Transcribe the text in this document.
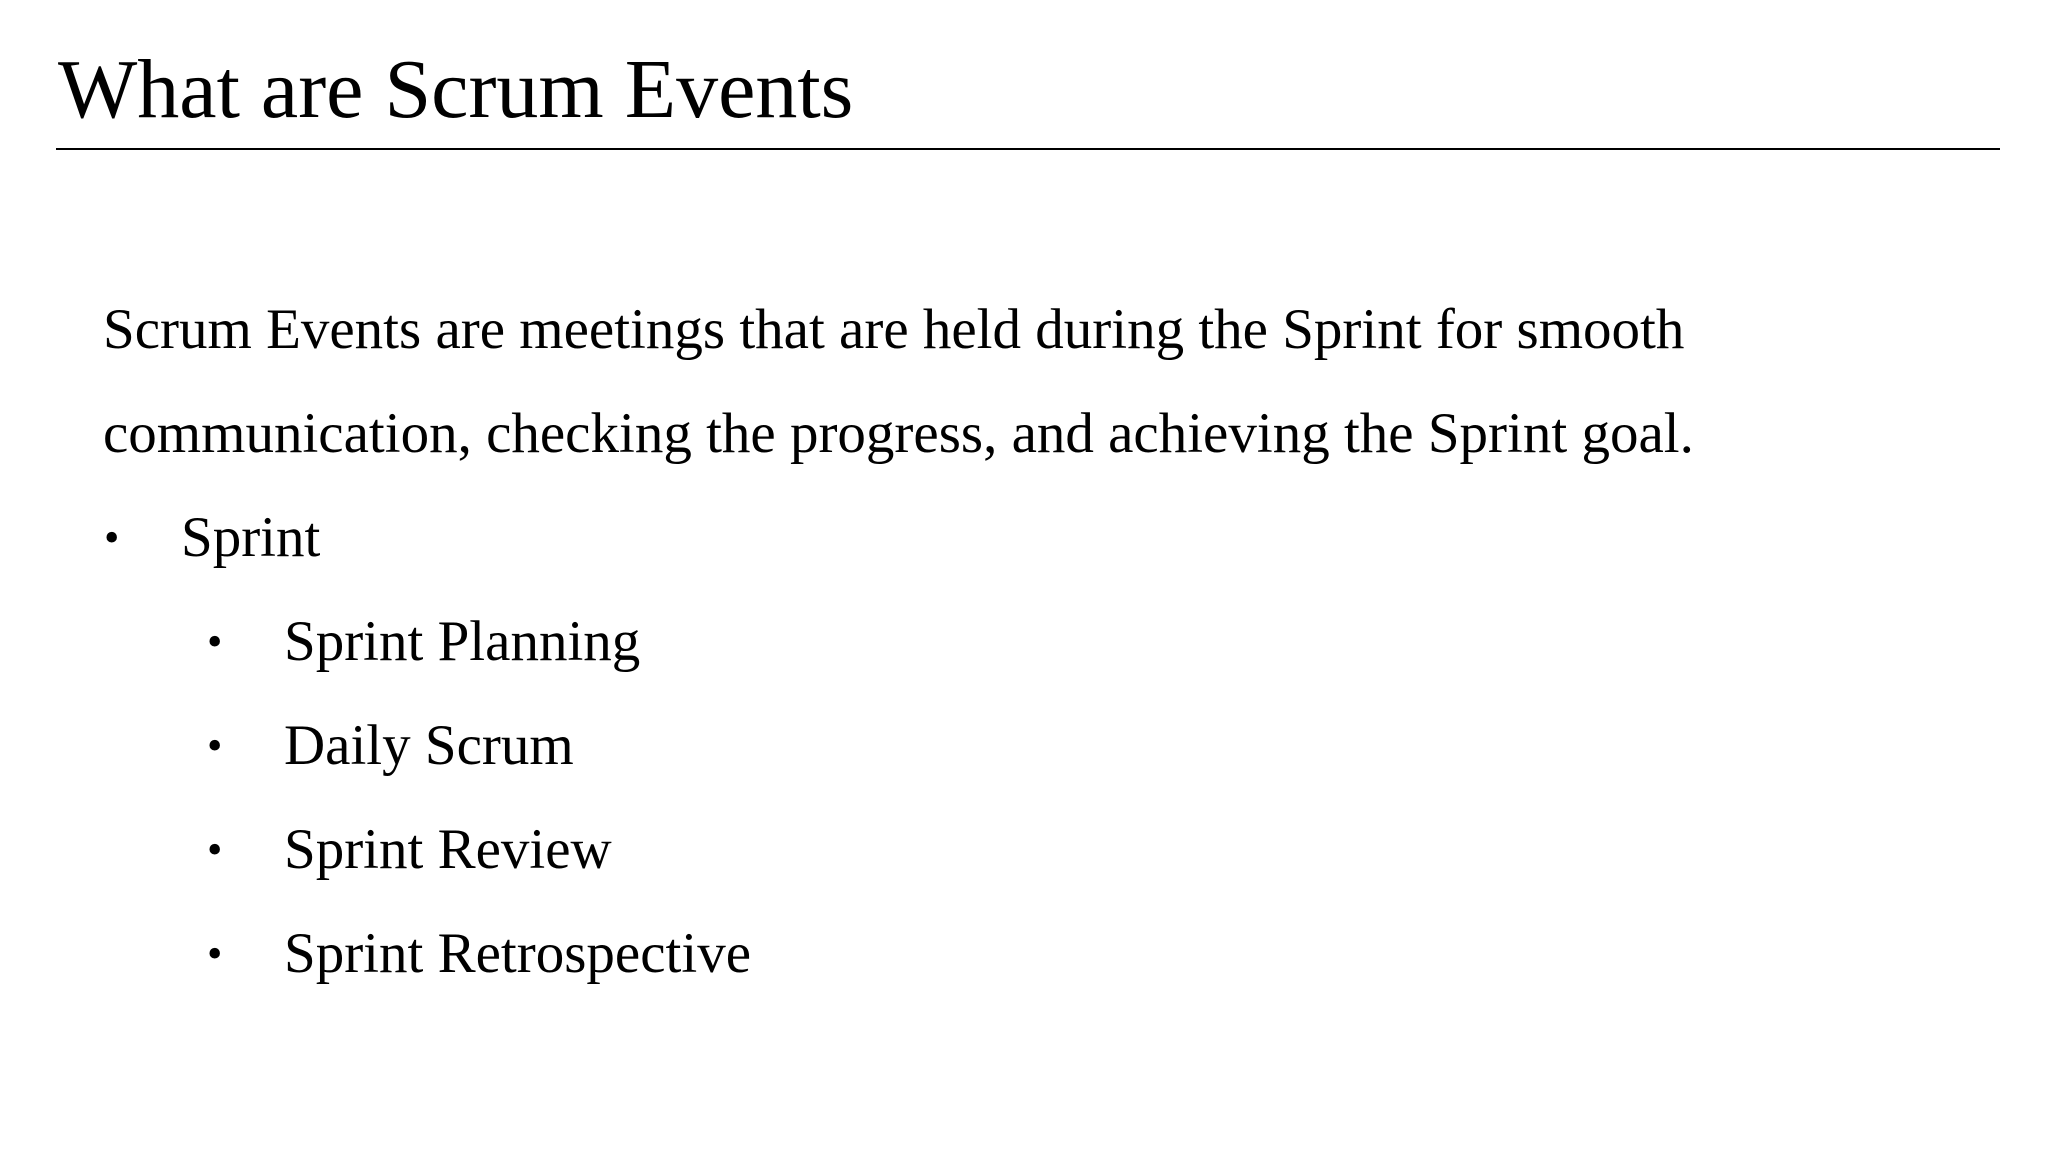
What are Scrum Events

Scrum Events are meetings that are held during the Sprint for smooth communication, checking the progress, and achieving the Sprint goal.

• Sprint
• Sprint Planning
• Daily Scrum
• Sprint Review
• Sprint Retrospective
